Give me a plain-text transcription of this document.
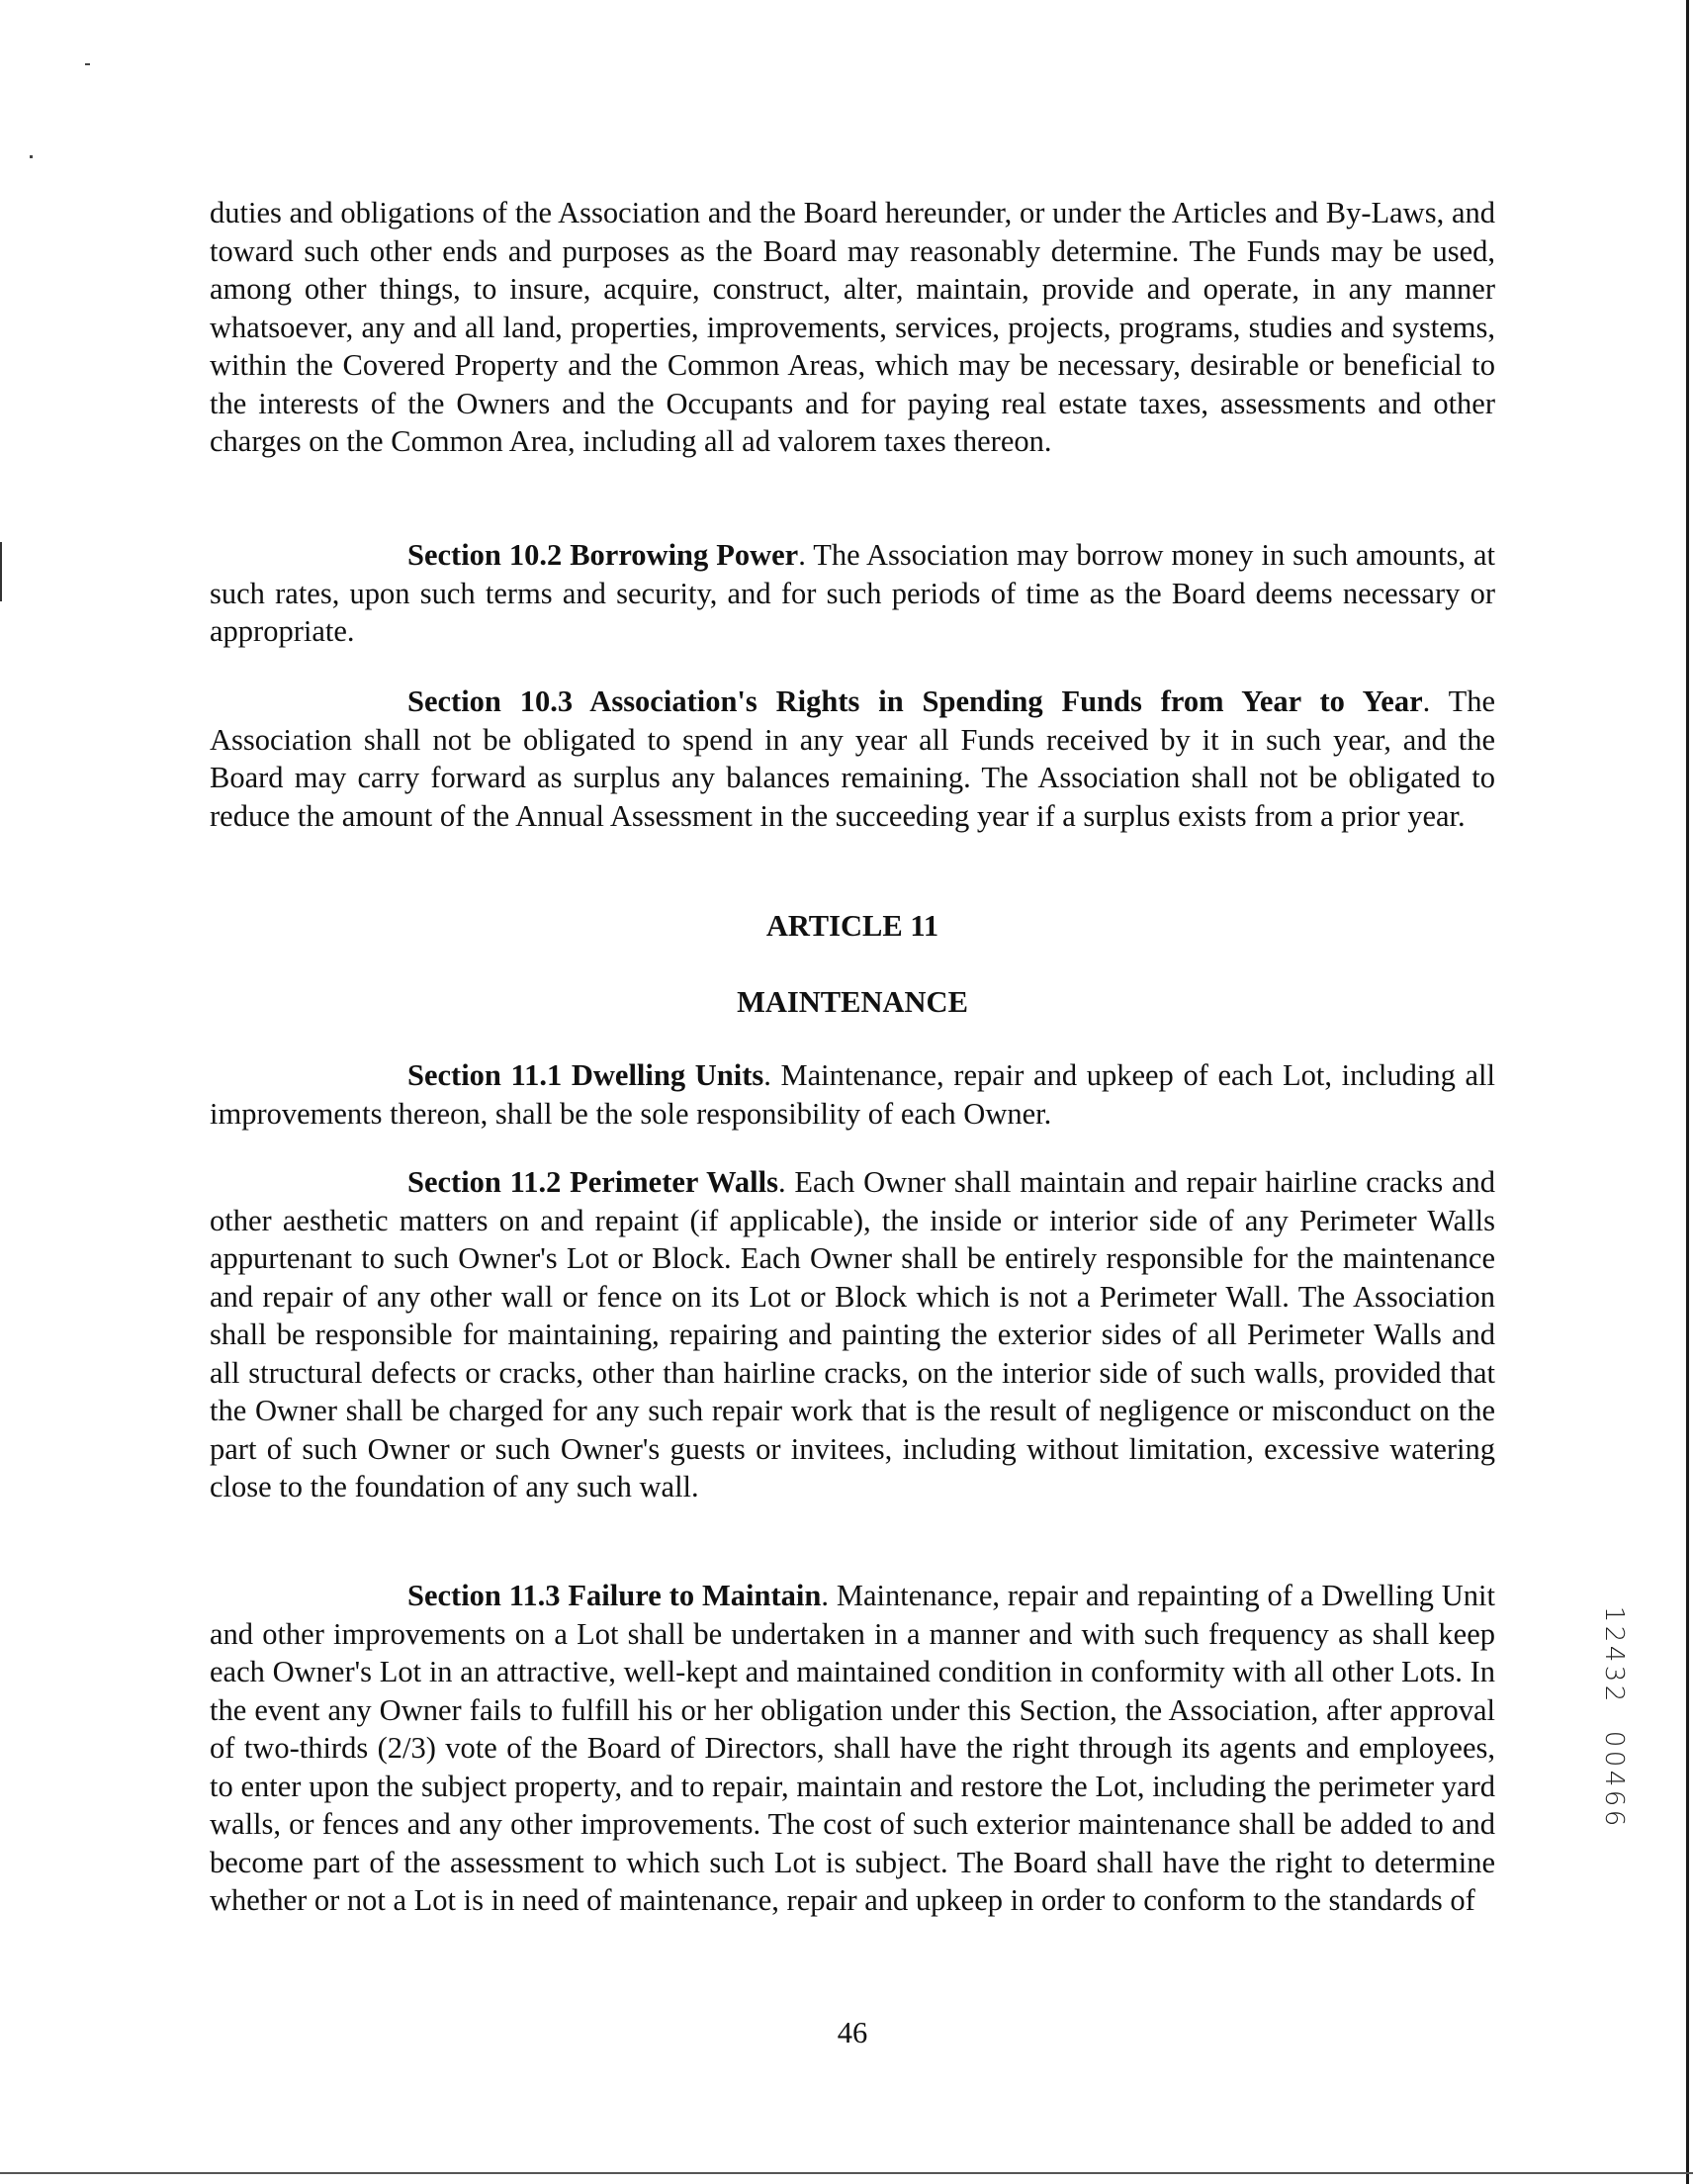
duties and obligations of the Association and the Board hereunder, or under the Articles and By-Laws, and toward such other ends and purposes as the Board may reasonably determine. The Funds may be used, among other things, to insure, acquire, construct, alter, maintain, provide and operate, in any manner whatsoever, any and all land, properties, improvements, services, projects, programs, studies and systems, within the Covered Property and the Common Areas, which may be necessary, desirable or beneficial to the interests of the Owners and the Occupants and for paying real estate taxes, assessments and other charges on the Common Area, including all ad valorem taxes thereon.

Section 10.2 Borrowing Power. The Association may borrow money in such amounts, at such rates, upon such terms and security, and for such periods of time as the Board deems necessary or appropriate.

Section 10.3 Association's Rights in Spending Funds from Year to Year. The Association shall not be obligated to spend in any year all Funds received by it in such year, and the Board may carry forward as surplus any balances remaining. The Association shall not be obligated to reduce the amount of the Annual Assessment in the succeeding year if a surplus exists from a prior year.

ARTICLE 11

MAINTENANCE

Section 11.1 Dwelling Units. Maintenance, repair and upkeep of each Lot, including all improvements thereon, shall be the sole responsibility of each Owner.

Section 11.2 Perimeter Walls. Each Owner shall maintain and repair hairline cracks and other aesthetic matters on and repaint (if applicable), the inside or interior side of any Perimeter Walls appurtenant to such Owner's Lot or Block. Each Owner shall be entirely responsible for the maintenance and repair of any other wall or fence on its Lot or Block which is not a Perimeter Wall. The Association shall be responsible for maintaining, repairing and painting the exterior sides of all Perimeter Walls and all structural defects or cracks, other than hairline cracks, on the interior side of such walls, provided that the Owner shall be charged for any such repair work that is the result of negligence or misconduct on the part of such Owner or such Owner's guests or invitees, including without limitation, excessive watering close to the foundation of any such wall.

Section 11.3 Failure to Maintain. Maintenance, repair and repainting of a Dwelling Unit and other improvements on a Lot shall be undertaken in a manner and with such frequency as shall keep each Owner's Lot in an attractive, well-kept and maintained condition in conformity with all other Lots. In the event any Owner fails to fulfill his or her obligation under this Section, the Association, after approval of two-thirds (2/3) vote of the Board of Directors, shall have the right through its agents and employees, to enter upon the subject property, and to repair, maintain and restore the Lot, including the perimeter yard walls, or fences and any other improvements. The cost of such exterior maintenance shall be added to and become part of the assessment to which such Lot is subject. The Board shall have the right to determine whether or not a Lot is in need of maintenance, repair and upkeep in order to conform to the standards of

46
1
2
4
3
2
0
0
4
6
6
